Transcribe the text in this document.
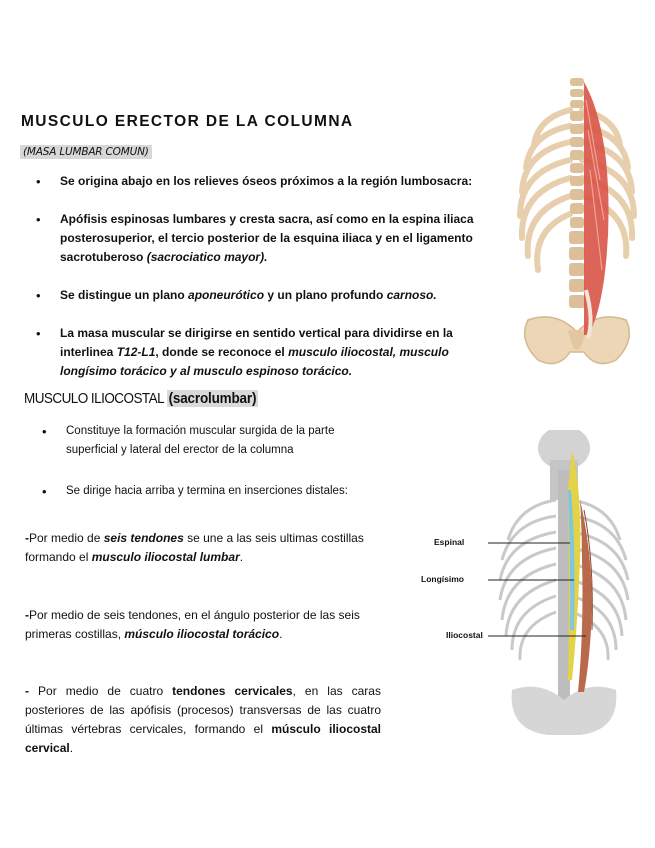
MUSCULO ERECTOR DE LA COLUMNA
(MASA LUMBAR COMUN)
• Se origina abajo en los relieves óseos próximos a la región lumbosacra:
• Apófisis espinosas lumbares y cresta sacra, así como en la espina iliaca posterosuperior, el tercio posterior de la esquina iliaca y en el ligamento sacrotuberoso (sacrociatico mayor).
• Se distingue un plano aponeurótico y un plano profundo carnoso.
• La masa muscular se dirigirse en sentido vertical para dividirse en la interlinea T12-L1, donde se reconoce el musculo iliocostal, musculo longísimo torácico y al musculo espinoso torácico.
MUSCULO ILIOCOSTAL (sacrolumbar)
• Constituye la formación muscular surgida de la parte superficial y lateral del erector de la columna
• Se dirige hacia arriba y termina en inserciones distales:
-Por medio de seis tendones se une a las seis ultimas costillas formando el musculo iliocostal lumbar.
-Por medio de seis tendones, en el ángulo posterior de las seis primeras costillas, músculo iliocostal torácico.
- Por medio de cuatro tendones cervicales, en las caras posteriores de las apófisis (procesos) transversas de las cuatro últimas vértebras cervicales, formando el músculo iliocostal cervical.
Espinal
Longísimo
Iliocostal
